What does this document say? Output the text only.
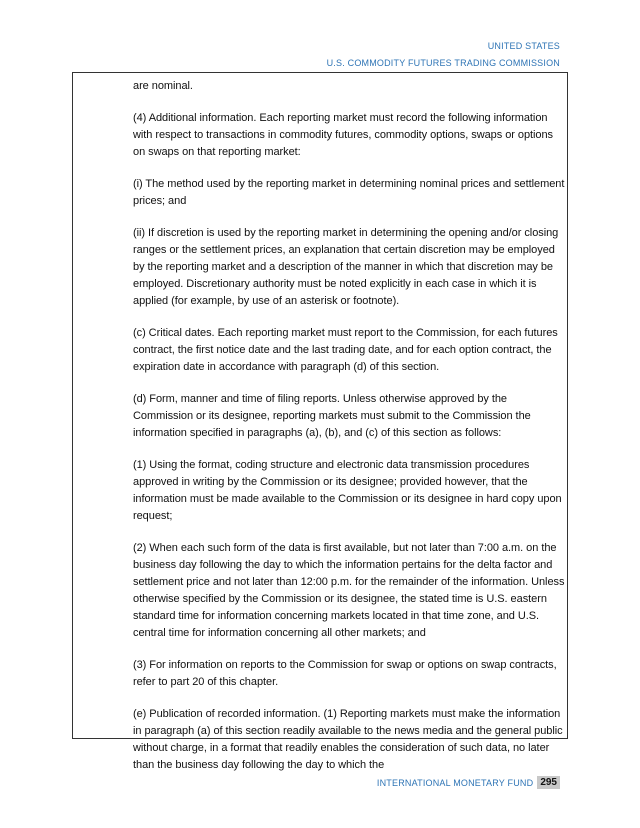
UNITED STATES
U.S. COMMODITY FUTURES TRADING COMMISSION

are nominal.

(4) Additional information. Each reporting market must record the following information with respect to transactions in commodity futures, commodity options, swaps or options on swaps on that reporting market:

(i) The method used by the reporting market in determining nominal prices and settlement prices; and

(ii) If discretion is used by the reporting market in determining the opening and/or closing ranges or the settlement prices, an explanation that certain discretion may be employed by the reporting market and a description of the manner in which that discretion may be employed. Discretionary authority must be noted explicitly in each case in which it is applied (for example, by use of an asterisk or footnote).

(c) Critical dates. Each reporting market must report to the Commission, for each futures contract, the first notice date and the last trading date, and for each option contract, the expiration date in accordance with paragraph (d) of this section.

(d) Form, manner and time of filing reports. Unless otherwise approved by the Commission or its designee, reporting markets must submit to the Commission the information specified in paragraphs (a), (b), and (c) of this section as follows:

(1) Using the format, coding structure and electronic data transmission procedures approved in writing by the Commission or its designee; provided however, that the information must be made available to the Commission or its designee in hard copy upon request;

(2) When each such form of the data is first available, but not later than 7:00 a.m. on the business day following the day to which the information pertains for the delta factor and settlement price and not later than 12:00 p.m. for the remainder of the information. Unless otherwise specified by the Commission or its designee, the stated time is U.S. eastern standard time for information concerning markets located in that time zone, and U.S. central time for information concerning all other markets; and

(3) For information on reports to the Commission for swap or options on swap contracts, refer to part 20 of this chapter.

(e) Publication of recorded information. (1) Reporting markets must make the information in paragraph (a) of this section readily available to the news media and the general public without charge, in a format that readily enables the consideration of such data, no later than the business day following the day to which the

INTERNATIONAL MONETARY FUND 295
